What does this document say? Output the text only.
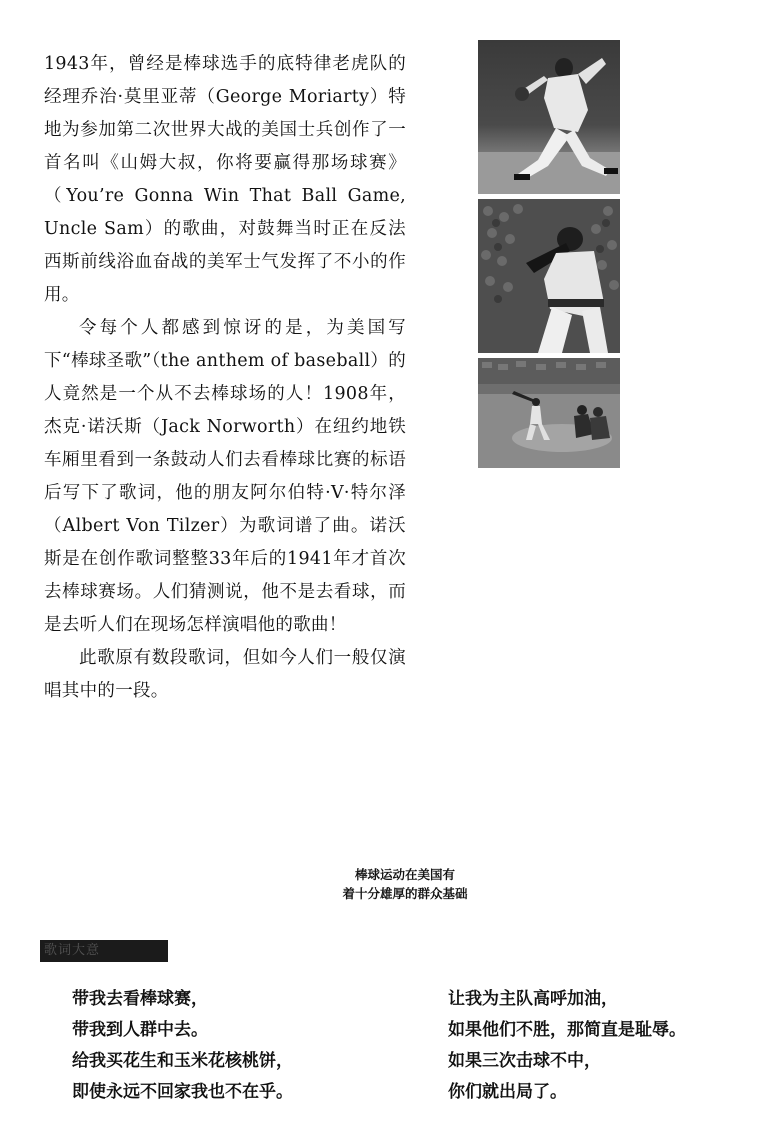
1943年，曾经是棒球选手的底特律老虎队的经理乔治·莫里亚蒂（George Moriarty）特地为参加第二次世界大战的美国士兵创作了一首名叫《山姆大叔，你将要赢得那场球赛》（You’re Gonna Win That Ball Game, Uncle Sam）的歌曲，对鼓舞当时正在反法西斯前线浴血奋战的美军士气发挥了不小的作用。

令每个人都感到惊讶的是，为美国写下“棒球圣歌”（the anthem of baseball）的人竟然是一个从不去棒球场的人！1908年，杰克·诺沃斯（Jack Norworth）在纽约地铁车厢里看到一条鼓动人们去看棒球比赛的标语后写下了歌词，他的朋友阿尔伯特·V·特尔泽（Albert Von Tilzer）为歌词谱了曲。诺沃斯是在创作歌词整整33年后的1941年才首次去棒球赛场。人们猜测说，他不是去看球，而是去听人们在现场怎样演唱他的歌曲！

此歌原有数段歌词，但如今人们一般仅演唱其中的一段。

棒球运动在美国有
着十分雄厚的群众基础
歌词大意
带我去看棒球赛，
带我到人群中去。
给我买花生和玉米花核桃饼，
即使永远不回家我也不在乎。
让我为主队高呼加油，
如果他们不胜，那简直是耻辱。
如果三次击球不中，
你们就出局了。
